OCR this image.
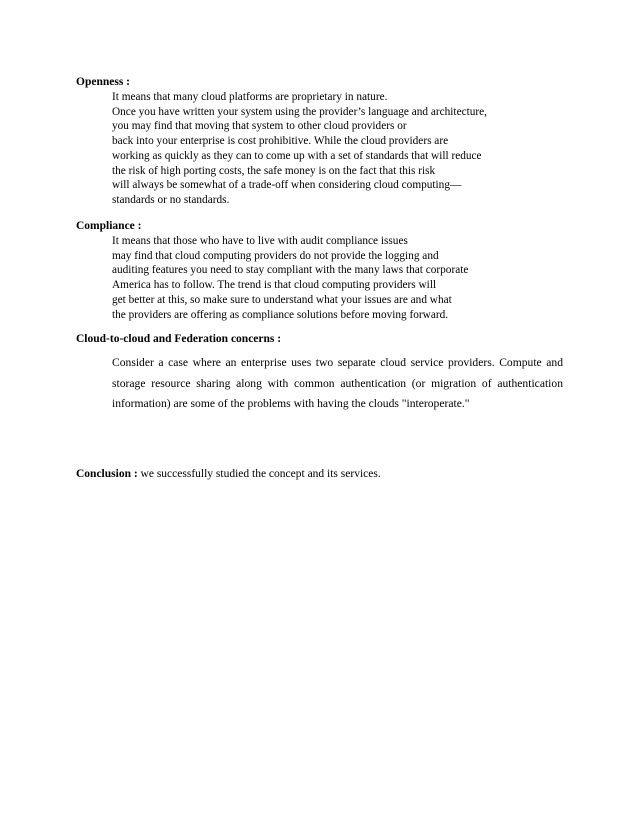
Openness :
It means that many cloud platforms are proprietary in nature.
Once you have written your system using the provider’s language and architecture,
you may find that moving that system to other cloud providers or
back into your enterprise is cost prohibitive. While the cloud providers are
working as quickly as they can to come up with a set of standards that will reduce
the risk of high porting costs, the safe money is on the fact that this risk
will always be somewhat of a trade-off when considering cloud computing—
standards or no standards.
Compliance :
It means that those who have to live with audit compliance issues
may find that cloud computing providers do not provide the logging and
auditing features you need to stay compliant with the many laws that corporate
America has to follow. The trend is that cloud computing providers will
get better at this, so make sure to understand what your issues are and what
the providers are offering as compliance solutions before moving forward.
Cloud-to-cloud and Federation concerns :
Consider a case where an enterprise uses two separate cloud service providers. Compute and storage resource sharing along with common authentication (or migration of authentication information) are some of the problems with having the clouds "interoperate."
Conclusion : we successfully studied the concept and its services.
